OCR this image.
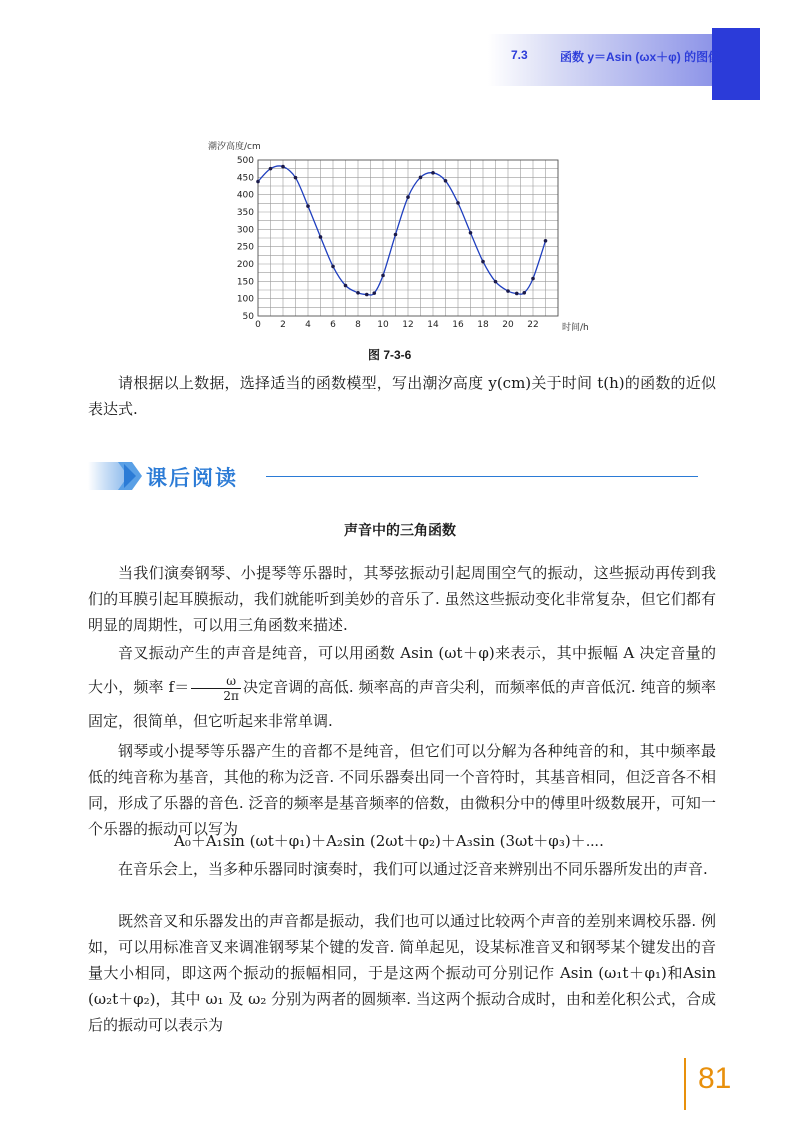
7.3	函数 y＝Asin (ωx＋φ) 的图像
潮汐高度/cm
时间/h
50
100
150
200
250
300
350
400
450
500
0 2 4 6 8 10 12 14 16 18 20 22
图 7-3-6

请根据以上数据，选择适当的函数模型，写出潮汐高度 y(cm)关于时间 t(h)的函数的近似表达式.

课后阅读
声音中的三角函数

当我们演奏钢琴、小提琴等乐器时，其琴弦振动引起周围空气的振动，这些振动再传到我们的耳膜引起耳膜振动，我们就能听到美妙的音乐了. 虽然这些振动变化非常复杂，但它们都有明显的周期性，可以用三角函数来描述.

音叉振动产生的声音是纯音，可以用函数 Asin (ωt＋φ)来表示，其中振幅 A 决定音量的大小，频率 $f= \frac{\omega}{2\pi}$ 决定音调的高低. 频率高的声音尖利，而频率低的声音低沉. 纯音的频率固定，很简单，但它听起来非常单调.

钢琴或小提琴等乐器产生的音都不是纯音，但它们可以分解为各种纯音的和，其中频率最低的纯音称为基音，其他的称为泛音. 不同乐器奏出同一个音符时，其基音相同，但泛音各不相同，形成了乐器的音色. 泛音的频率是基音频率的倍数，由微积分中的傅里叶级数展开，可知一个乐器的振动可以写为

A₀＋A₁sin (ωt＋φ₁)＋A₂sin (2ωt＋φ₂)＋A₃sin (3ωt＋φ₃)＋⋯.

在音乐会上，当多种乐器同时演奏时，我们可以通过泛音来辨别出不同乐器所发出的声音.

既然音叉和乐器发出的声音都是振动，我们也可以通过比较两个声音的差别来调校乐器. 例如，可以用标准音叉来调准钢琴某个键的发音. 简单起见，设某标准音叉和钢琴某个键发出的音量大小相同，即这两个振动的振幅相同，于是这两个振动可分别记作 Asin (ω₁t＋φ₁)和Asin (ω₂t＋φ₂)，其中 ω₁ 及 ω₂ 分别为两者的圆频率. 当这两个振动合成时，由和差化积公式，合成后的振动可以表示为

81
